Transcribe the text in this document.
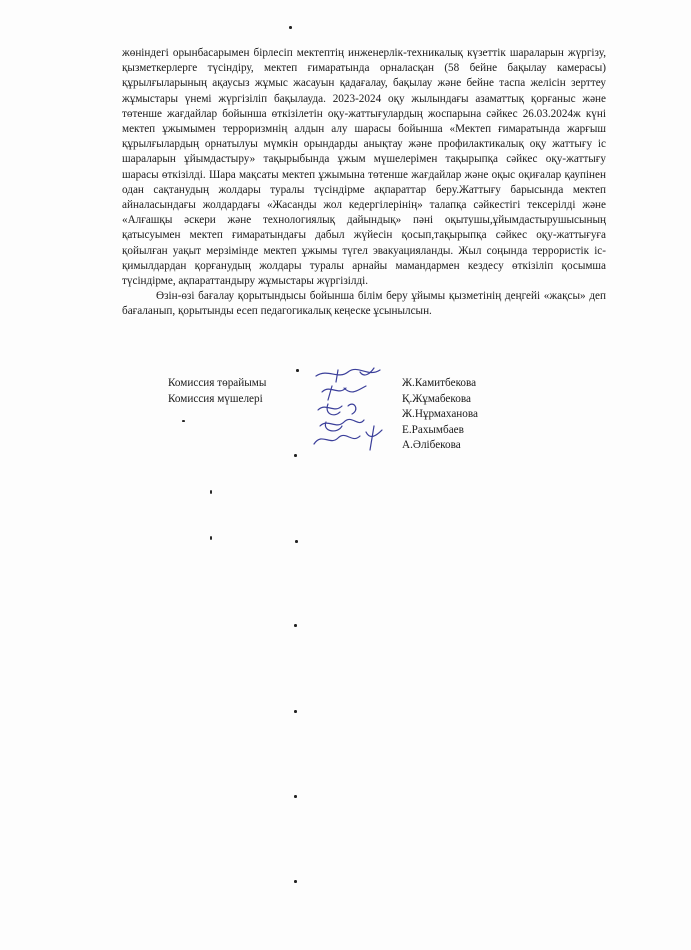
жөніндегі орынбасарымен бірлесіп мектептің инженерлік-техникалық күзеттік шараларын жүргізу, қызметкерлерге түсіндіру, мектеп ғимаратында орналасқан (58 бейне бақылау камерасы) құрылғыларының ақаусыз жұмыс жасауын қадағалау, бақылау және бейне таспа желісін зерттеу жұмыстары үнемі жүргізіліп бақылауда. 2023-2024 оқу жылындағы азаматтық қорғаныс және төтенше жағдайлар бойынша өткізілетін оқу-жаттығулардың жоспарына сәйкес 26.03.2024ж күні мектеп ұжымымен терроризмнің алдын алу шарасы бойынша «Мектеп ғимаратында жарғыш құрылғылардың орнатылуы мүмкін орындарды анықтау және профилактикалық оқу жаттығу іс шараларын ұйымдастыру» тақырыбында ұжым мүшелерімен тақырыпқа сәйкес оқу-жаттығу шарасы өткізілді. Шара мақсаты мектеп ұжымына төтенше жағдайлар және оқыс оқиғалар қаупінен одан сақтанудың жолдары туралы түсіндірме ақпараттар беру.Жаттығу барысында мектеп айналасындағы жолдардағы «Жасанды жол кедергілерінің» талапқа сәйкестігі тексерілді және «Алғашқы әскери және технологиялық дайындық» пәні оқытушы,ұйымдастырушысының қатысуымен мектеп ғимаратындағы дабыл жүйесін қосып,тақырыпқа сәйкес оқу-жаттығуға қойылған уақыт мерзімінде мектеп ұжымы түгел эвакуацияланды. Жыл соңында террористік іс-қимылдардан қорғанудың жолдары туралы арнайы мамандармен кездесу өткізіліп қосымша түсіндірме, ақпараттандыру жұмыстары жүргізілді.

Өзін-өзі бағалау қорытындысы бойынша білім беру ұйымы қызметінің деңгейі «жақсы» деп бағаланып, қорытынды есеп педагогикалық кеңеске ұсынылсын.

Комиссия төрайымы
Комиссия мүшелері
Ж.Камитбекова
Қ.Жұмабекова
Ж.Нұрмаханова
Е.Рахымбаев
А.Әлібекова
